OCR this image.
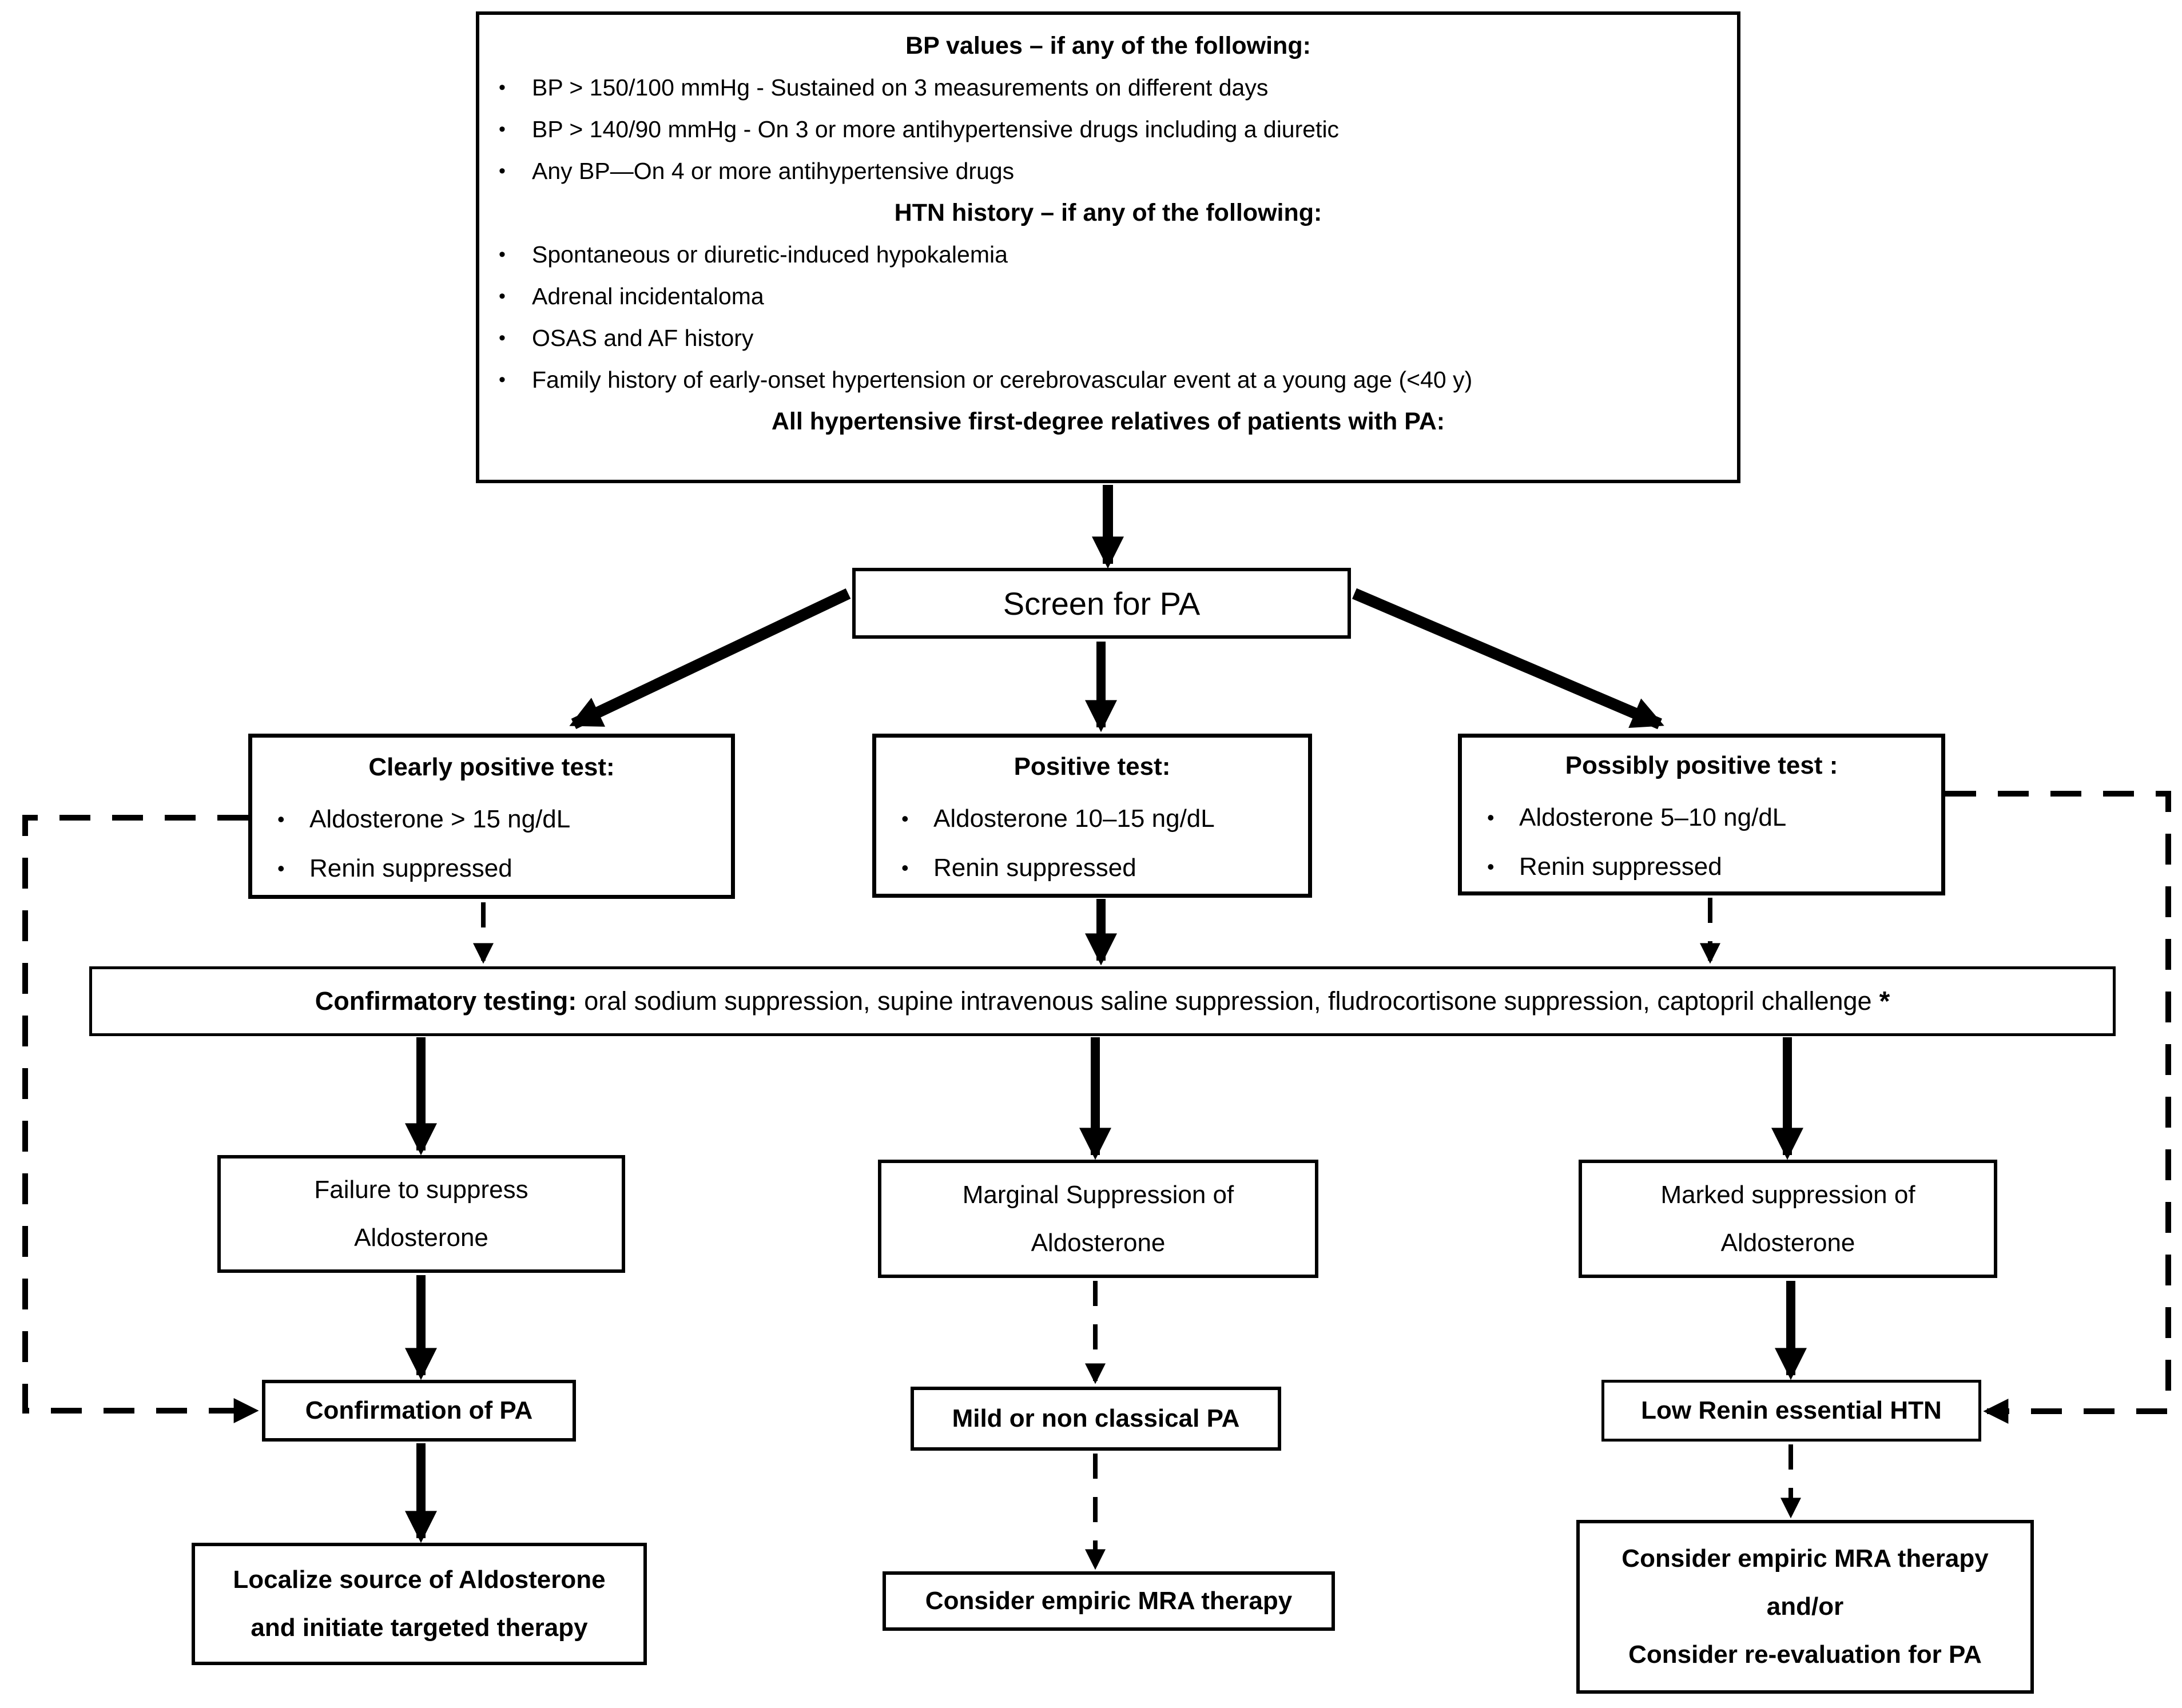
BP values – if any of the following:
•	BP > 150/100 mmHg - Sustained on 3 measurements on different days
•	BP > 140/90 mmHg - On 3 or more antihypertensive drugs including a diuretic
•	Any BP—On 4 or more antihypertensive drugs
HTN history – if any of the following:
•	Spontaneous or diuretic-induced hypokalemia
•	Adrenal incidentaloma
•	OSAS and AF history
•	Family history of early-onset hypertension or cerebrovascular event at a young age (<40 y)
All hypertensive first-degree relatives of patients with PA:
Screen for PA
Clearly positive test:
• Aldosterone > 15 ng/dL
• Renin suppressed
Positive test:
• Aldosterone 10–15 ng/dL
• Renin suppressed
Possibly positive test :
• Aldosterone 5–10 ng/dL
• Renin suppressed
Confirmatory testing: oral sodium suppression, supine intravenous saline suppression, fludrocortisone suppression, captopril challenge *
Failure to suppress
Aldosterone
Marginal Suppression of
Aldosterone
Marked suppression of
Aldosterone
Confirmation of PA	Mild or non classical PA	Low Renin essential HTN
Localize source of Aldosterone
and initiate targeted therapy
Consider empiric MRA therapy
Consider empiric MRA therapy
and/or
Consider re-evaluation for PA
